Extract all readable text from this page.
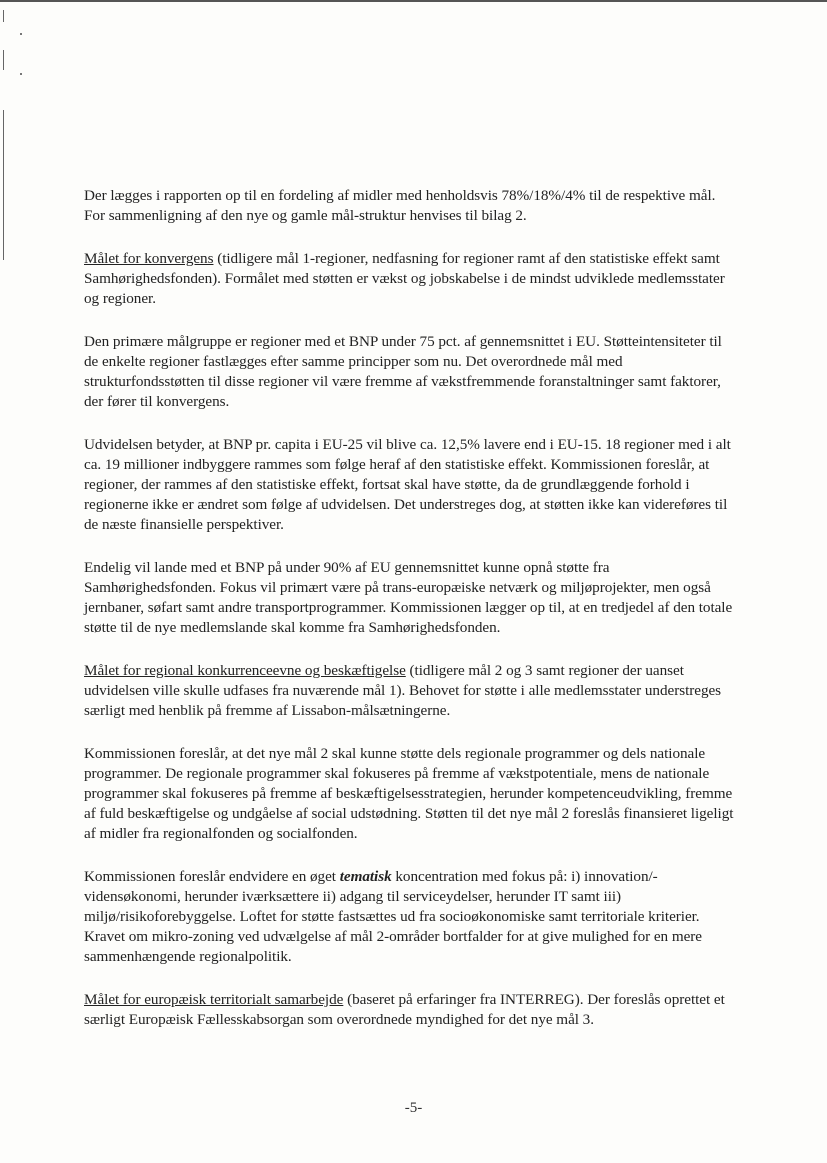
Der lægges i rapporten op til en fordeling af midler med henholdsvis 78%/18%/4% til de respektive mål. For sammenligning af den nye og gamle mål-struktur henvises til bilag 2.

Målet for konvergens (tidligere mål 1-regioner, nedfasning for regioner ramt af den statistiske effekt samt Samhørighedsfonden). Formålet med støtten er vækst og jobskabelse i de mindst udviklede medlemsstater og regioner.

Den primære målgruppe er regioner med et BNP under 75 pct. af gennemsnittet i EU. Støtteintensiteter til de enkelte regioner fastlægges efter samme principper som nu. Det overordnede mål med strukturfondsstøtten til disse regioner vil være fremme af vækstfremmende foranstaltninger samt faktorer, der fører til konvergens.

Udvidelsen betyder, at BNP pr. capita i EU-25 vil blive ca. 12,5% lavere end i EU-15. 18 regioner med i alt ca. 19 millioner indbyggere rammes som følge heraf af den statistiske effekt. Kommissionen foreslår, at regioner, der rammes af den statistiske effekt, fortsat skal have støtte, da de grundlæggende forhold i regionerne ikke er ændret som følge af udvidelsen. Det understreges dog, at støtten ikke kan videreføres til de næste finansielle perspektiver.

Endelig vil lande med et BNP på under 90% af EU gennemsnittet kunne opnå støtte fra Samhørighedsfonden. Fokus vil primært være på trans-europæiske netværk og miljøprojekter, men også jernbaner, søfart samt andre transportprogrammer. Kommissionen lægger op til, at en tredjedel af den totale støtte til de nye medlemslande skal komme fra Samhørighedsfonden.

Målet for regional konkurrenceevne og beskæftigelse (tidligere mål 2 og 3 samt regioner der uanset udvidelsen ville skulle udfases fra nuværende mål 1). Behovet for støtte i alle medlemsstater understreges særligt med henblik på fremme af Lissabon-målsætningerne.

Kommissionen foreslår, at det nye mål 2 skal kunne støtte dels regionale programmer og dels nationale programmer. De regionale programmer skal fokuseres på fremme af vækstpotentiale, mens de nationale programmer skal fokuseres på fremme af beskæftigelsesstrategien, herunder kompetenceudvikling, fremme af fuld beskæftigelse og undgåelse af social udstødning. Støtten til det nye mål 2 foreslås finansieret ligeligt af midler fra regionalfonden og socialfonden.

Kommissionen foreslår endvidere en øget tematisk koncentration med fokus på: i) innovation/-vidensøkonomi, herunder iværksættere ii) adgang til serviceydelser, herunder IT samt iii) miljø/risikoforebyggelse. Loftet for støtte fastsættes ud fra socioøkonomiske samt territoriale kriterier. Kravet om mikro-zoning ved udvælgelse af mål 2-områder bortfalder for at give mulighed for en mere sammenhængende regionalpolitik.

Målet for europæisk territorialt samarbejde (baseret på erfaringer fra INTERREG). Der foreslås oprettet et særligt Europæisk Fællesskabsorgan som overordnede myndighed for det nye mål 3.

-5-
